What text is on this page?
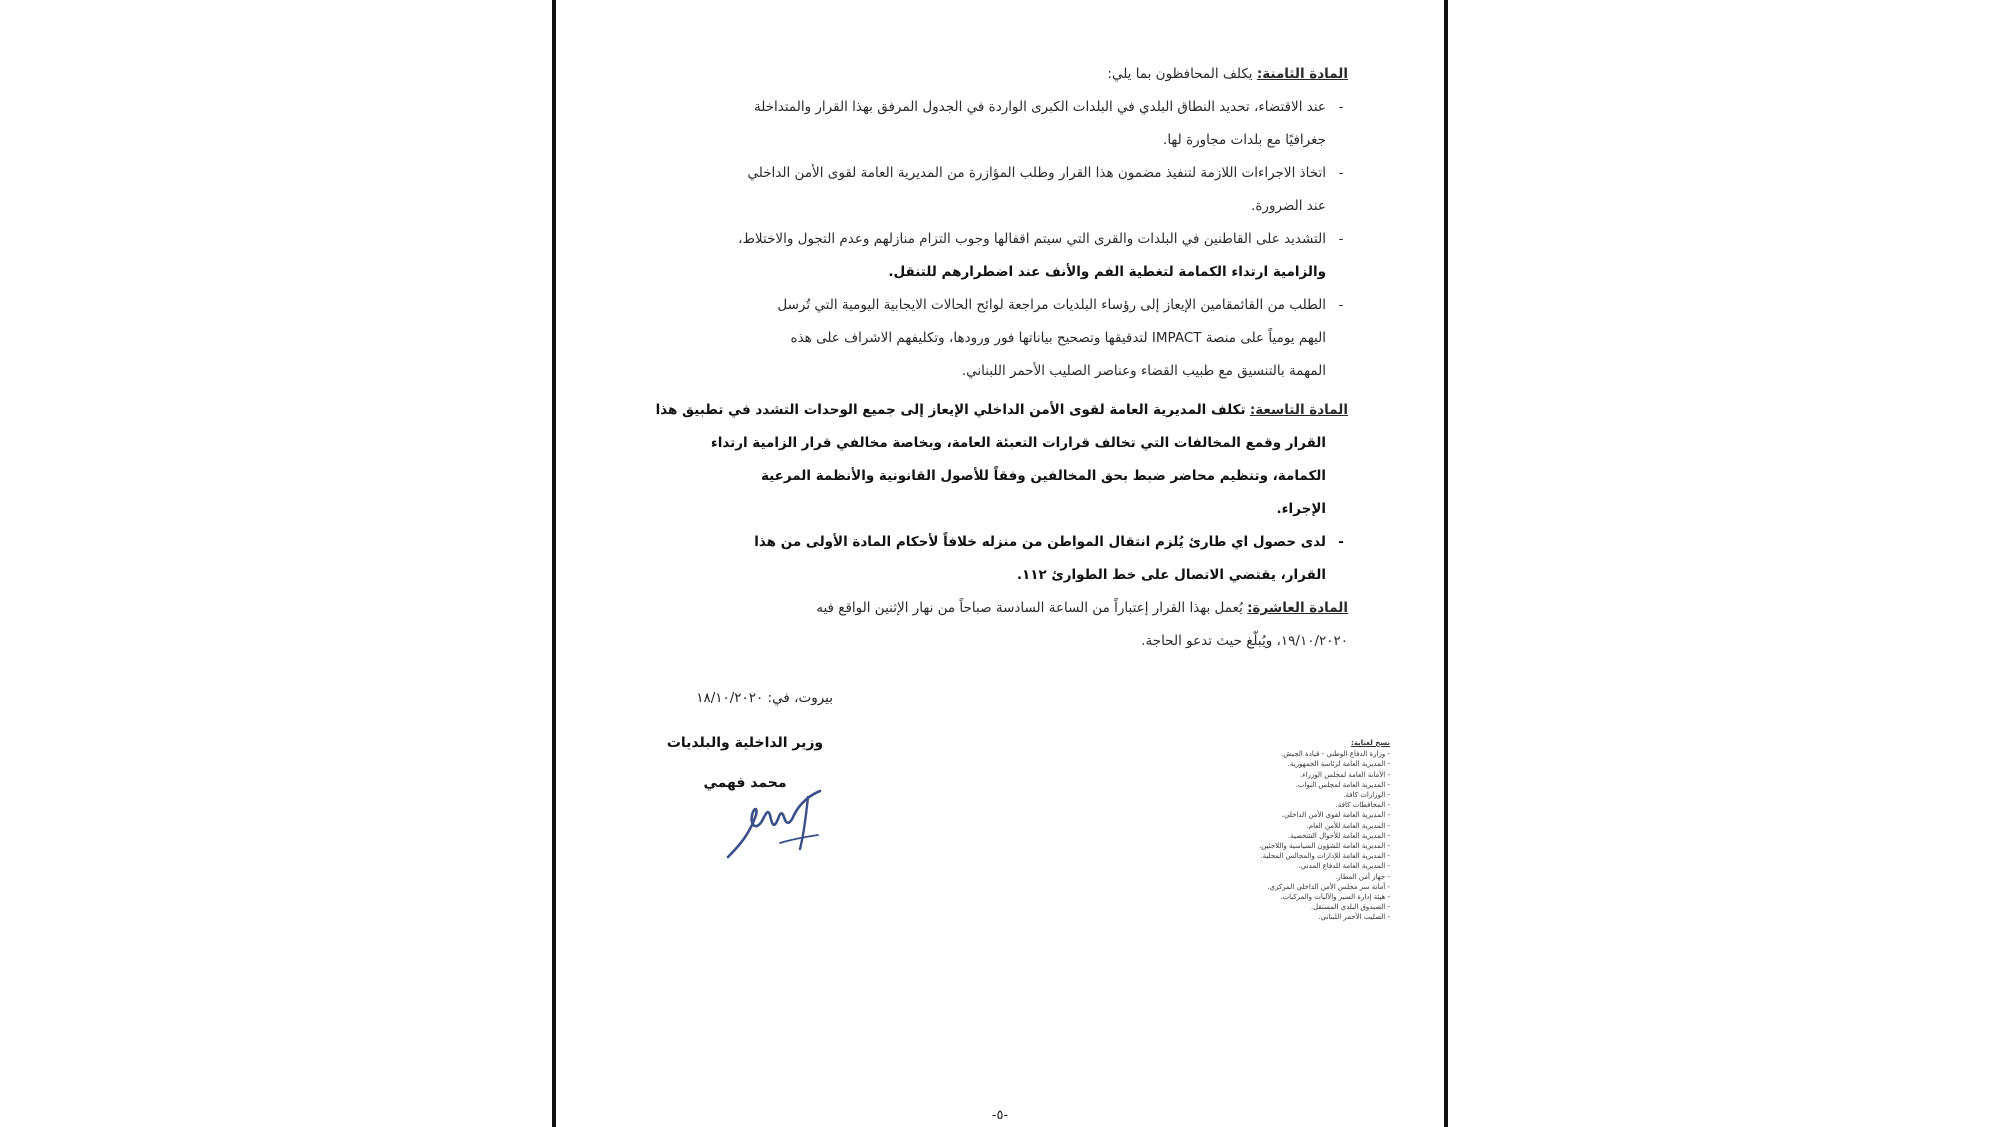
المادة الثامنة: يكلف المحافظون بما يلي:

-

عند الاقتضاء، تحديد النطاق البلدي في البلدات الكبرى الواردة في الجدول المرفق بهذا القرار والمتداخلة

جغرافيًا مع بلدات مجاورة لها.

-

اتخاذ الاجراءات اللازمة لتنفيذ مضمون هذا القرار وطلب المؤازرة من المديرية العامة لقوى الأمن الداخلي

عند الضرورة.

-

التشديد على القاطنين في البلدات والقرى التي سيتم اقفالها وجوب التزام منازلهم وعدم التجول والاختلاط،

والزامية ارتداء الكمامة لتغطية الفم والأنف عند اضطرارهم للتنقل.

-

الطلب من القائمقامين الإيعاز إلى رؤساء البلديات مراجعة لوائح الحالات الايجابية اليومية التي تُرسل

اليهم يومياً على منصة IMPACT لتدقيقها وتصحيح بياناتها فور ورودها، وتكليفهم الاشراف على هذه

المهمة بالتنسيق مع طبيب القضاء وعناصر الصليب الأحمر اللبناني.

المادة التاسعة: تكلف المديرية العامة لقوى الأمن الداخلي الإيعاز إلى جميع الوحدات التشدد في تطبيق هذا

القرار وقمع المخالفات التي تخالف قرارات التعبئة العامة، وبخاصة مخالفي قرار الزامية ارتداء

الكمامة، وتنظيم محاضر ضبط بحق المخالفين وفقاً للأصول القانونية والأنظمة المرعية

الإجراء.

-

لدى حصول اي طارئ يُلزم انتقال المواطن من منزله خلافاً لأحكام المادة الأولى من هذا

القرار، يقتضي الاتصال على خط الطوارئ ١١٢.

المادة العاشرة: يُعمل بهذا القرار إعتباراً من الساعة السادسة صباحاً من نهار الإثنين الواقع فيه

١٩/١٠/٢٠٢٠، ويُبلّغ حيث تدعو الحاجة.

بيروت، في: ١٨/١٠/٢٠٢٠
وزير الداخلية والبلديات
محمد فهمي
نسخ لعناية:
- وزارة الدفاع الوطني - قيادة الجيش.
- المديرية العامة لرئاسة الجمهورية.
- الأمانة العامة لمجلس الوزراء.
- المديرية العامة لمجلس النواب.
- الوزارات كافة.
- المحافظات كافة.
- المديرية العامة لقوى الأمن الداخلي.
- المديرية العامة للأمن العام.
- المديرية العامة للأحوال الشخصية.
- المديرية العامة للشؤون السياسية واللاجئين.
- المديرية العامة للإدارات والمجالس المحلية.
- المديرية العامة للدفاع المدني.
- جهاز أمن المطار.
- أمانة سر مجلس الأمن الداخلي المركزي.
- هيئة إدارة السير والآليات والمركبات.
- الصندوق البلدي المستقل.
- الصليب الأحمر اللبناني.
-٥-
